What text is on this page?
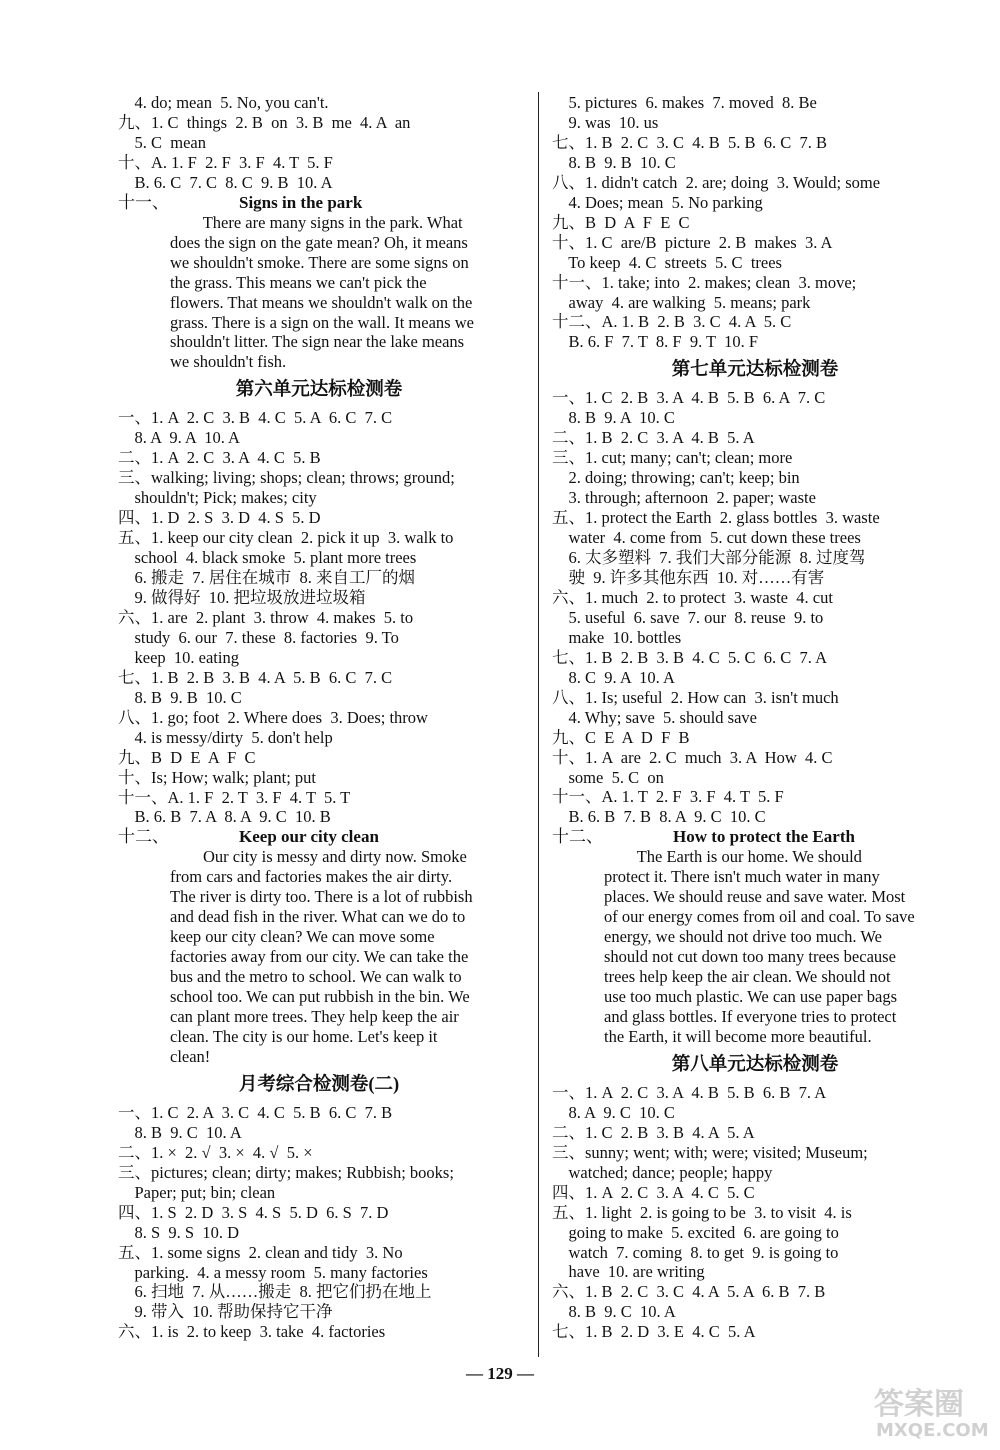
4. do; mean  5. No, you can't.
九、1. C  things  2. B  on  3. B  me  4. A  an
5. C  mean
十、A. 1. F  2. F  3. F  4. T  5. F
B. 6. C  7. C  8. C  9. B  10. A
十一、	Signs in the park
There are many signs in the park. What
does the sign on the gate mean? Oh, it means
we shouldn't smoke. There are some signs on
the grass. This means we can't pick the
flowers. That means we shouldn't walk on the
grass. There is a sign on the wall. It means we
shouldn't litter. The sign near the lake means
we shouldn't fish.
第六单元达标检测卷
一、1. A  2. C  3. B  4. C  5. A  6. C  7. C
8. A  9. A  10. A
二、1. A  2. C  3. A  4. C  5. B
三、walking; living; shops; clean; throws; ground;
shouldn't; Pick; makes; city
四、1. D  2. S  3. D  4. S  5. D
五、1. keep our city clean  2. pick it up  3. walk to
school  4. black smoke  5. plant more trees
6. 搬走  7. 居住在城市  8. 来自工厂的烟
9. 做得好  10. 把垃圾放进垃圾箱
六、1. are  2. plant  3. throw  4. makes  5. to
study  6. our  7. these  8. factories  9. To
keep  10. eating
七、1. B  2. B  3. B  4. A  5. B  6. C  7. C
8. B  9. B  10. C
八、1. go; foot  2. Where does  3. Does; throw
4. is messy/dirty  5. don't help
九、B  D  E  A  F  C
十、Is; How; walk; plant; put
十一、A. 1. F  2. T  3. F  4. T  5. T
B. 6. B  7. A  8. A  9. C  10. B
十二、	Keep our city clean
Our city is messy and dirty now. Smoke
from cars and factories makes the air dirty.
The river is dirty too. There is a lot of rubbish
and dead fish in the river. What can we do to
keep our city clean? We can move some
factories away from our city. We can take the
bus and the metro to school. We can walk to
school too. We can put rubbish in the bin. We
can plant more trees. They help keep the air
clean. The city is our home. Let's keep it
clean!
月考综合检测卷(二)
一、1. C  2. A  3. C  4. C  5. B  6. C  7. B
8. B  9. C  10. A
二、1. ×  2. √  3. ×  4. √  5. ×
三、pictures; clean; dirty; makes; Rubbish; books;
Paper; put; bin; clean
四、1. S  2. D  3. S  4. S  5. D  6. S  7. D
8. S  9. S  10. D
五、1. some signs  2. clean and tidy  3. No
parking.  4. a messy room  5. many factories
6. 扫地  7. 从……搬走  8. 把它们扔在地上
9. 带入  10. 帮助保持它干净
六、1. is  2. to keep  3. take  4. factories
5. pictures  6. makes  7. moved  8. Be
9. was  10. us
七、1. B  2. C  3. C  4. B  5. B  6. C  7. B
8. B  9. B  10. C
八、1. didn't catch  2. are; doing  3. Would; some
4. Does; mean  5. No parking
九、B  D  A  F  E  C
十、1. C  are/B  picture  2. B  makes  3. A
To keep  4. C  streets  5. C  trees
十一、1. take; into  2. makes; clean  3. move;
away  4. are walking  5. means; park
十二、A. 1. B  2. B  3. C  4. A  5. C
B. 6. F  7. T  8. F  9. T  10. F
第七单元达标检测卷
一、1. C  2. B  3. A  4. B  5. B  6. A  7. C
8. B  9. A  10. C
二、1. B  2. C  3. A  4. B  5. A
三、1. cut; many; can't; clean; more
2. doing; throwing; can't; keep; bin
3. through; afternoon  2. paper; waste
五、1. protect the Earth  2. glass bottles  3. waste
water  4. come from  5. cut down these trees
6. 太多塑料  7. 我们大部分能源  8. 过度驾
驶  9. 许多其他东西  10. 对……有害
六、1. much  2. to protect  3. waste  4. cut
5. useful  6. save  7. our  8. reuse  9. to
make  10. bottles
七、1. B  2. B  3. B  4. C  5. C  6. C  7. A
8. C  9. A  10. A
八、1. Is; useful  2. How can  3. isn't much
4. Why; save  5. should save
九、C  E  A  D  F  B
十、1. A  are  2. C  much  3. A  How  4. C
some  5. C  on
十一、A. 1. T  2. F  3. F  4. T  5. F
B. 6. B  7. B  8. A  9. C  10. C
十二、	How to protect the Earth
The Earth is our home. We should
protect it. There isn't much water in many
places. We should reuse and save water. Most
of our energy comes from oil and coal. To save
energy, we should not drive too much. We
should not cut down too many trees because
trees help keep the air clean. We should not
use too much plastic. We can use paper bags
and glass bottles. If everyone tries to protect
the Earth, it will become more beautiful.
第八单元达标检测卷
一、1. A  2. C  3. A  4. B  5. B  6. B  7. A
8. A  9. C  10. C
二、1. C  2. B  3. B  4. A  5. A
三、sunny; went; with; were; visited; Museum;
watched; dance; people; happy
四、1. A  2. C  3. A  4. C  5. C
五、1. light  2. is going to be  3. to visit  4. is
going to make  5. excited  6. are going to
watch  7. coming  8. to get  9. is going to
have  10. are writing
六、1. B  2. C  3. C  4. A  5. A  6. B  7. B
8. B  9. C  10. A
七、1. B  2. D  3. E  4. C  5. A
— 129 —
答案圈
MXQE.COM
